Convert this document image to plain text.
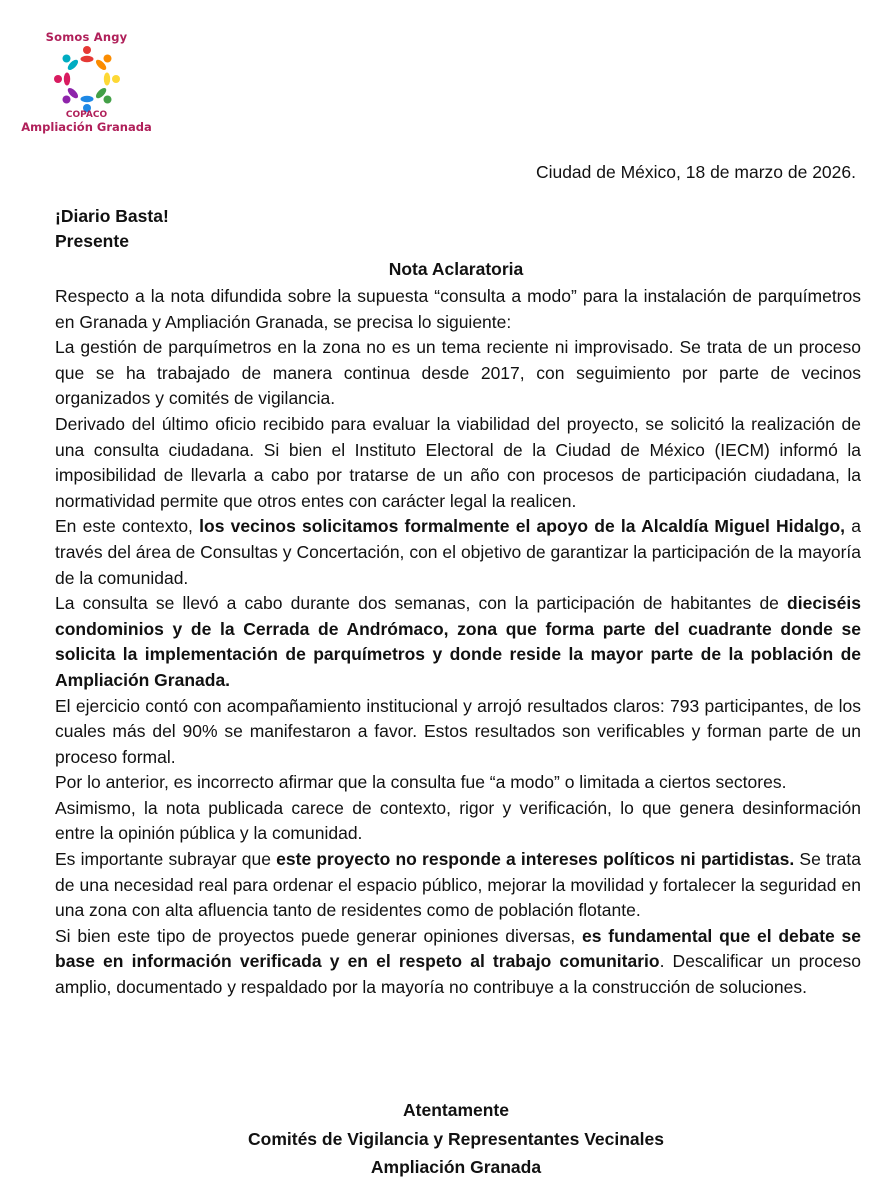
Somos Angy
COPACO
Ampliación Granada
Ciudad de México, 18 de marzo de 2026.
¡Diario Basta!
Presente
Nota Aclaratoria

Respecto a la nota difundida sobre la supuesta “consulta a modo” para la instalación de parquímetros en Granada y Ampliación Granada, se precisa lo siguiente:

La gestión de parquímetros en la zona no es un tema reciente ni improvisado. Se trata de un proceso que se ha trabajado de manera continua desde 2017, con seguimiento por parte de vecinos organizados y comités de vigilancia.

Derivado del último oficio recibido para evaluar la viabilidad del proyecto, se solicitó la realización de una consulta ciudadana. Si bien el Instituto Electoral de la Ciudad de México (IECM) informó la imposibilidad de llevarla a cabo por tratarse de un año con procesos de participación ciudadana, la normatividad permite que otros entes con carácter legal la realicen.

En este contexto, los vecinos solicitamos formalmente el apoyo de la Alcaldía Miguel Hidalgo, a través del área de Consultas y Concertación, con el objetivo de garantizar la participación de la mayoría de la comunidad.

La consulta se llevó a cabo durante dos semanas, con la participación de habitantes de dieciséis condominios y de la Cerrada de Andrómaco, zona que forma parte del cuadrante donde se solicita la implementación de parquímetros y donde reside la mayor parte de la población de Ampliación Granada.

El ejercicio contó con acompañamiento institucional y arrojó resultados claros: 793 participantes, de los cuales más del 90% se manifestaron a favor. Estos resultados son verificables y forman parte de un proceso formal.

Por lo anterior, es incorrecto afirmar que la consulta fue “a modo” o limitada a ciertos sectores.

Asimismo, la nota publicada carece de contexto, rigor y verificación, lo que genera desinformación entre la opinión pública y la comunidad.

Es importante subrayar que este proyecto no responde a intereses políticos ni partidistas. Se trata de una necesidad real para ordenar el espacio público, mejorar la movilidad y fortalecer la seguridad en una zona con alta afluencia tanto de residentes como de población flotante.

Si bien este tipo de proyectos puede generar opiniones diversas, es fundamental que el debate se base en información verificada y en el respeto al trabajo comunitario. Descalificar un proceso amplio, documentado y respaldado por la mayoría no contribuye a la construcción de soluciones.

Atentamente
Comités de Vigilancia y Representantes Vecinales
Ampliación Granada
